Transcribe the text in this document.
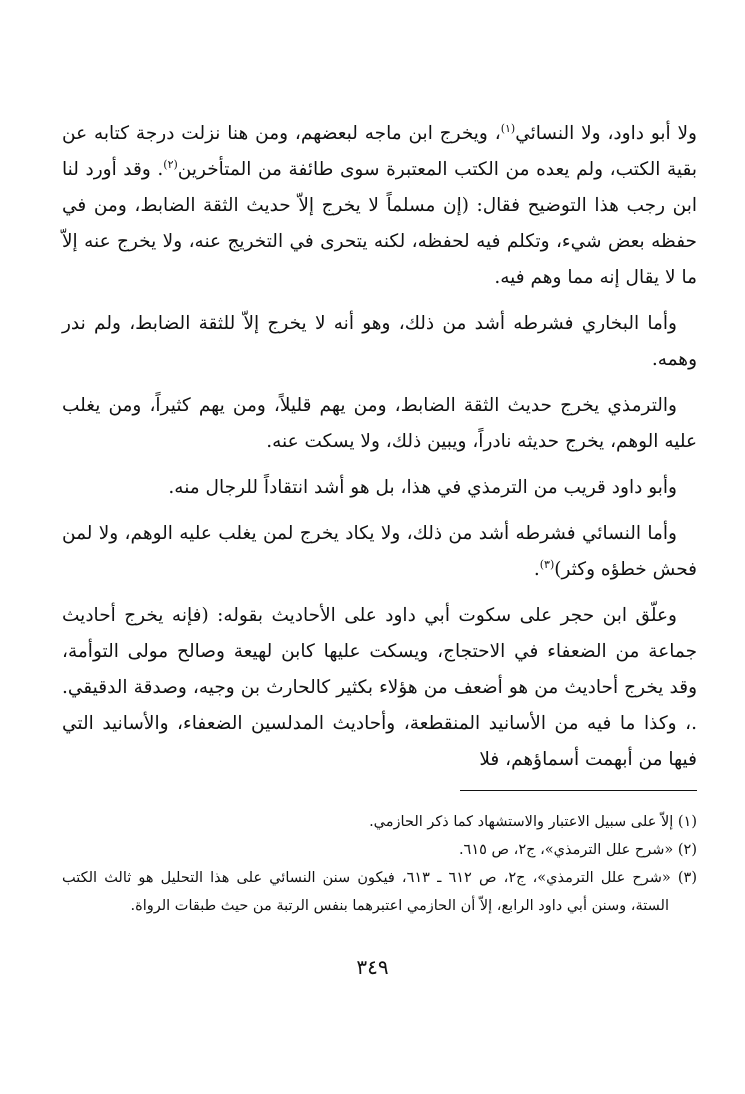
ولا أبو داود، ولا النسائي$^{(١)}$، ويخرج ابن ماجه لبعضهم، ومن هنا نزلت درجة كتابه عن بقية الكتب، ولم يعده من الكتب المعتبرة سوى طائفة من المتأخرين$^{(٢)}$. وقد أورد لنا ابن رجب هذا التوضيح فقال: (إن مسلماً لا يخرج إلاّ حديث الثقة الضابط، ومن في حفظه بعض شيء، وتكلم فيه لحفظه، لكنه يتحرى في التخريج عنه، ولا يخرج عنه إلاّ ما لا يقال إنه مما وهم فيه.

وأما البخاري فشرطه أشد من ذلك، وهو أنه لا يخرج إلاّ للثقة الضابط، ولم ندر وهمه.

والترمذي يخرج حديث الثقة الضابط، ومن يهم قليلاً، ومن يهم كثيراً، ومن يغلب عليه الوهم، يخرج حديثه نادراً، ويبين ذلك، ولا يسكت عنه.

وأبو داود قريب من الترمذي في هذا، بل هو أشد انتقاداً للرجال منه.

وأما النسائي فشرطه أشد من ذلك، ولا يكاد يخرج لمن يغلب عليه الوهم، ولا لمن فحش خطؤه وكثر)$^{(٣)}$.

وعلّق ابن حجر على سكوت أبي داود على الأحاديث بقوله: (فإنه يخرج أحاديث جماعة من الضعفاء في الاحتجاج، ويسكت عليها كابن لهيعة وصالح مولى التوأمة، وقد يخرج أحاديث من هو أضعف من هؤلاء بكثير كالحارث بن وجيه، وصدقة الدقيقي. .، وكذا ما فيه من الأسانيد المنقطعة، وأحاديث المدلسين الضعفاء، والأسانيد التي فيها من أبهمت أسماؤهم، فلا

(١) إلاّ على سبيل الاعتبار والاستشهاد كما ذكر الحازمي.

(٢) «شرح علل الترمذي»، ج٢، ص ٦١٥.

(٣) «شرح علل الترمذي»، ج٢، ص ٦١٢ ـ ٦١٣، فيكون سنن النسائي على هذا التحليل هو ثالث الكتب الستة، وسنن أبي داود الرابع، إلاّ أن الحازمي اعتبرهما بنفس الرتبة من حيث طبقات الرواة.

٣٤٩
